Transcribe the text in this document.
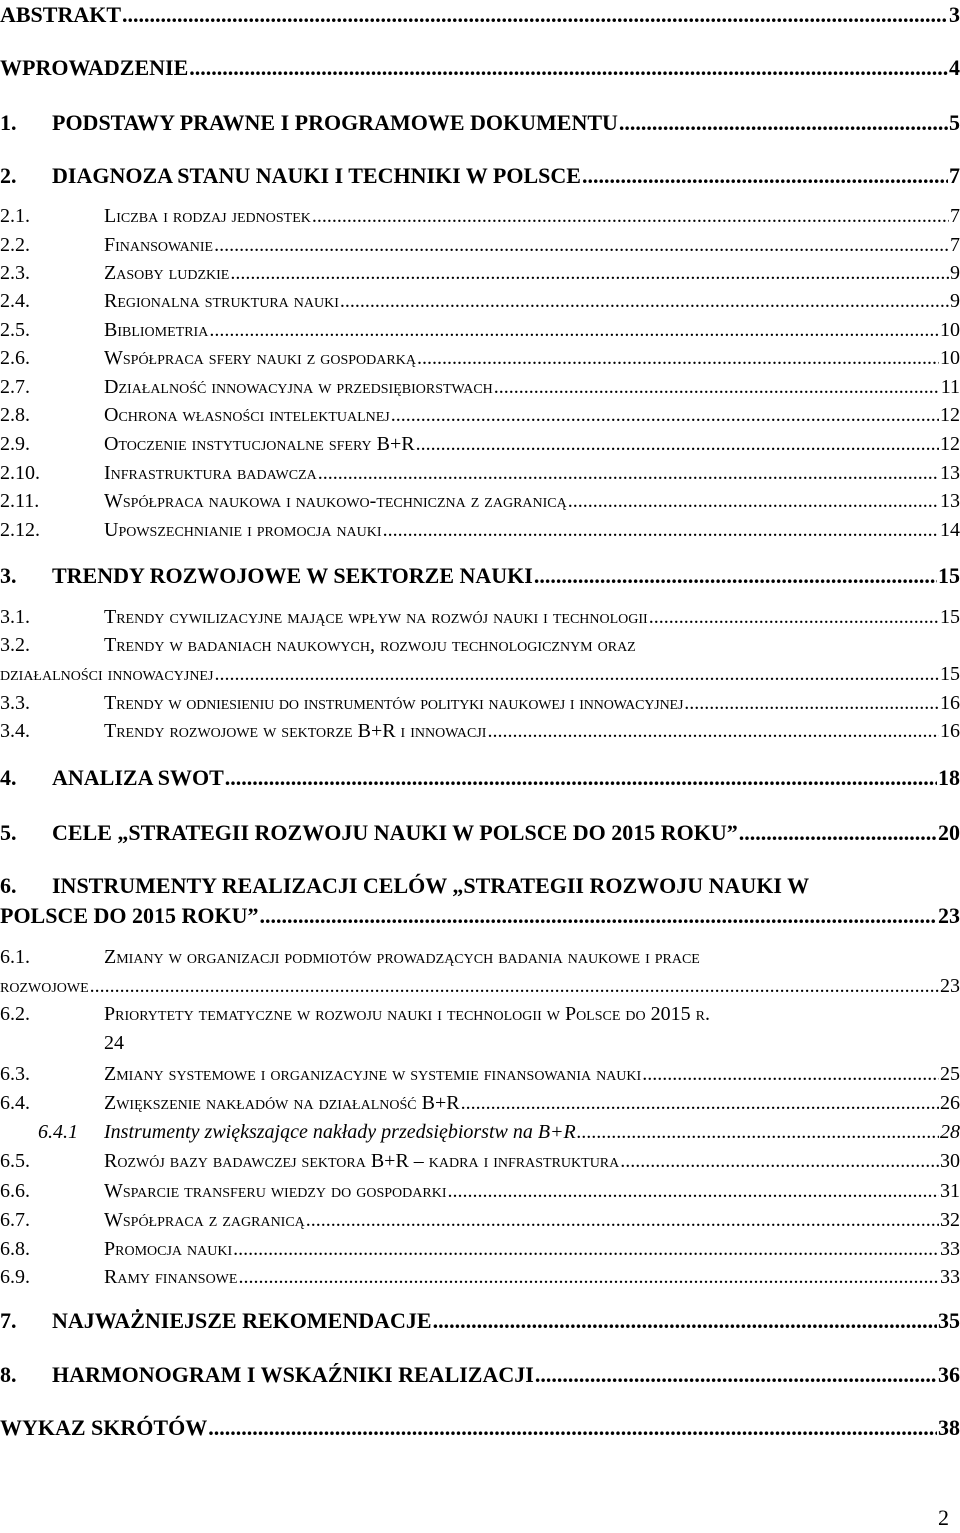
ABSTRAKT .....	3
WPROWADZENIE .....	4
1.	PODSTAWY PRAWNE I PROGRAMOWE DOKUMENTU .....	5
2.	DIAGNOZA STANU NAUKI I TECHNIKI W POLSCE .....	7
2.1.	Liczba i rodzaj jednostek .....	7
2.2.	Finansowanie .....	7
2.3.	Zasoby ludzkie .....	9
2.4.	Regionalna struktura nauki .....	9
2.5.	Bibliometria .....	10
2.6.	Współpraca sfery nauki z gospodarką .....	10
2.7.	Działalność innowacyjna w przedsiębiorstwach .....	11
2.8.	Ochrona własności intelektualnej .....	12
2.9.	Otoczenie instytucjonalne sfery B+R .....	12
2.10.	Infrastruktura badawcza .....	13
2.11.	Współpraca naukowa i naukowo-techniczna z zagranicą .....	13
2.12.	Upowszechnianie i promocja nauki .....	14
3.	TRENDY ROZWOJOWE W SEKTORZE NAUKI .....	15
3.1.	Trendy cywilizacyjne mające wpływ na rozwój nauki i technologii .....	15
3.2.	Trendy w badaniach naukowych, rozwoju technologicznym oraz
działalności innowacyjnej .....	15
3.3.	Trendy w odniesieniu do instrumentów polityki naukowej i innowacyjnej .....	16
3.4.	Trendy rozwojowe w sektorze B+R i innowacji .....	16
4.	ANALIZA SWOT .....	18
5.	CELE „STRATEGII ROZWOJU NAUKI W POLSCE DO 2015 ROKU” .....	20
6.	INSTRUMENTY REALIZACJI CELÓW „STRATEGII ROZWOJU NAUKI W
POLSCE DO 2015 ROKU” .....	23
6.1.	Zmiany w organizacji podmiotów prowadzących badania naukowe i prace
rozwojowe .....	23
6.2.	Priorytety tematyczne w rozwoju nauki i technologii w Polsce do 2015 r.
24
6.3.	Zmiany systemowe i organizacyjne w systemie finansowania nauki .....	25
6.4.	Zwiększenie nakładów na działalność B+R .....	26
6.4.1	Instrumenty zwiększające nakłady przedsiębiorstw na B+R .....	28
6.5.	Rozwój bazy badawczej sektora B+R – kadra i infrastruktura .....	30
6.6.	Wsparcie transferu wiedzy do gospodarki .....	31
6.7.	Współpraca z zagranicą .....	32
6.8.	Promocja nauki .....	33
6.9.	Ramy finansowe .....	33
7.	NAJWAŻNIEJSZE REKOMENDACJE .....	35
8.	HARMONOGRAM I WSKAŹNIKI REALIZACJI .....	36
WYKAZ SKRÓTÓW .....	38
2
